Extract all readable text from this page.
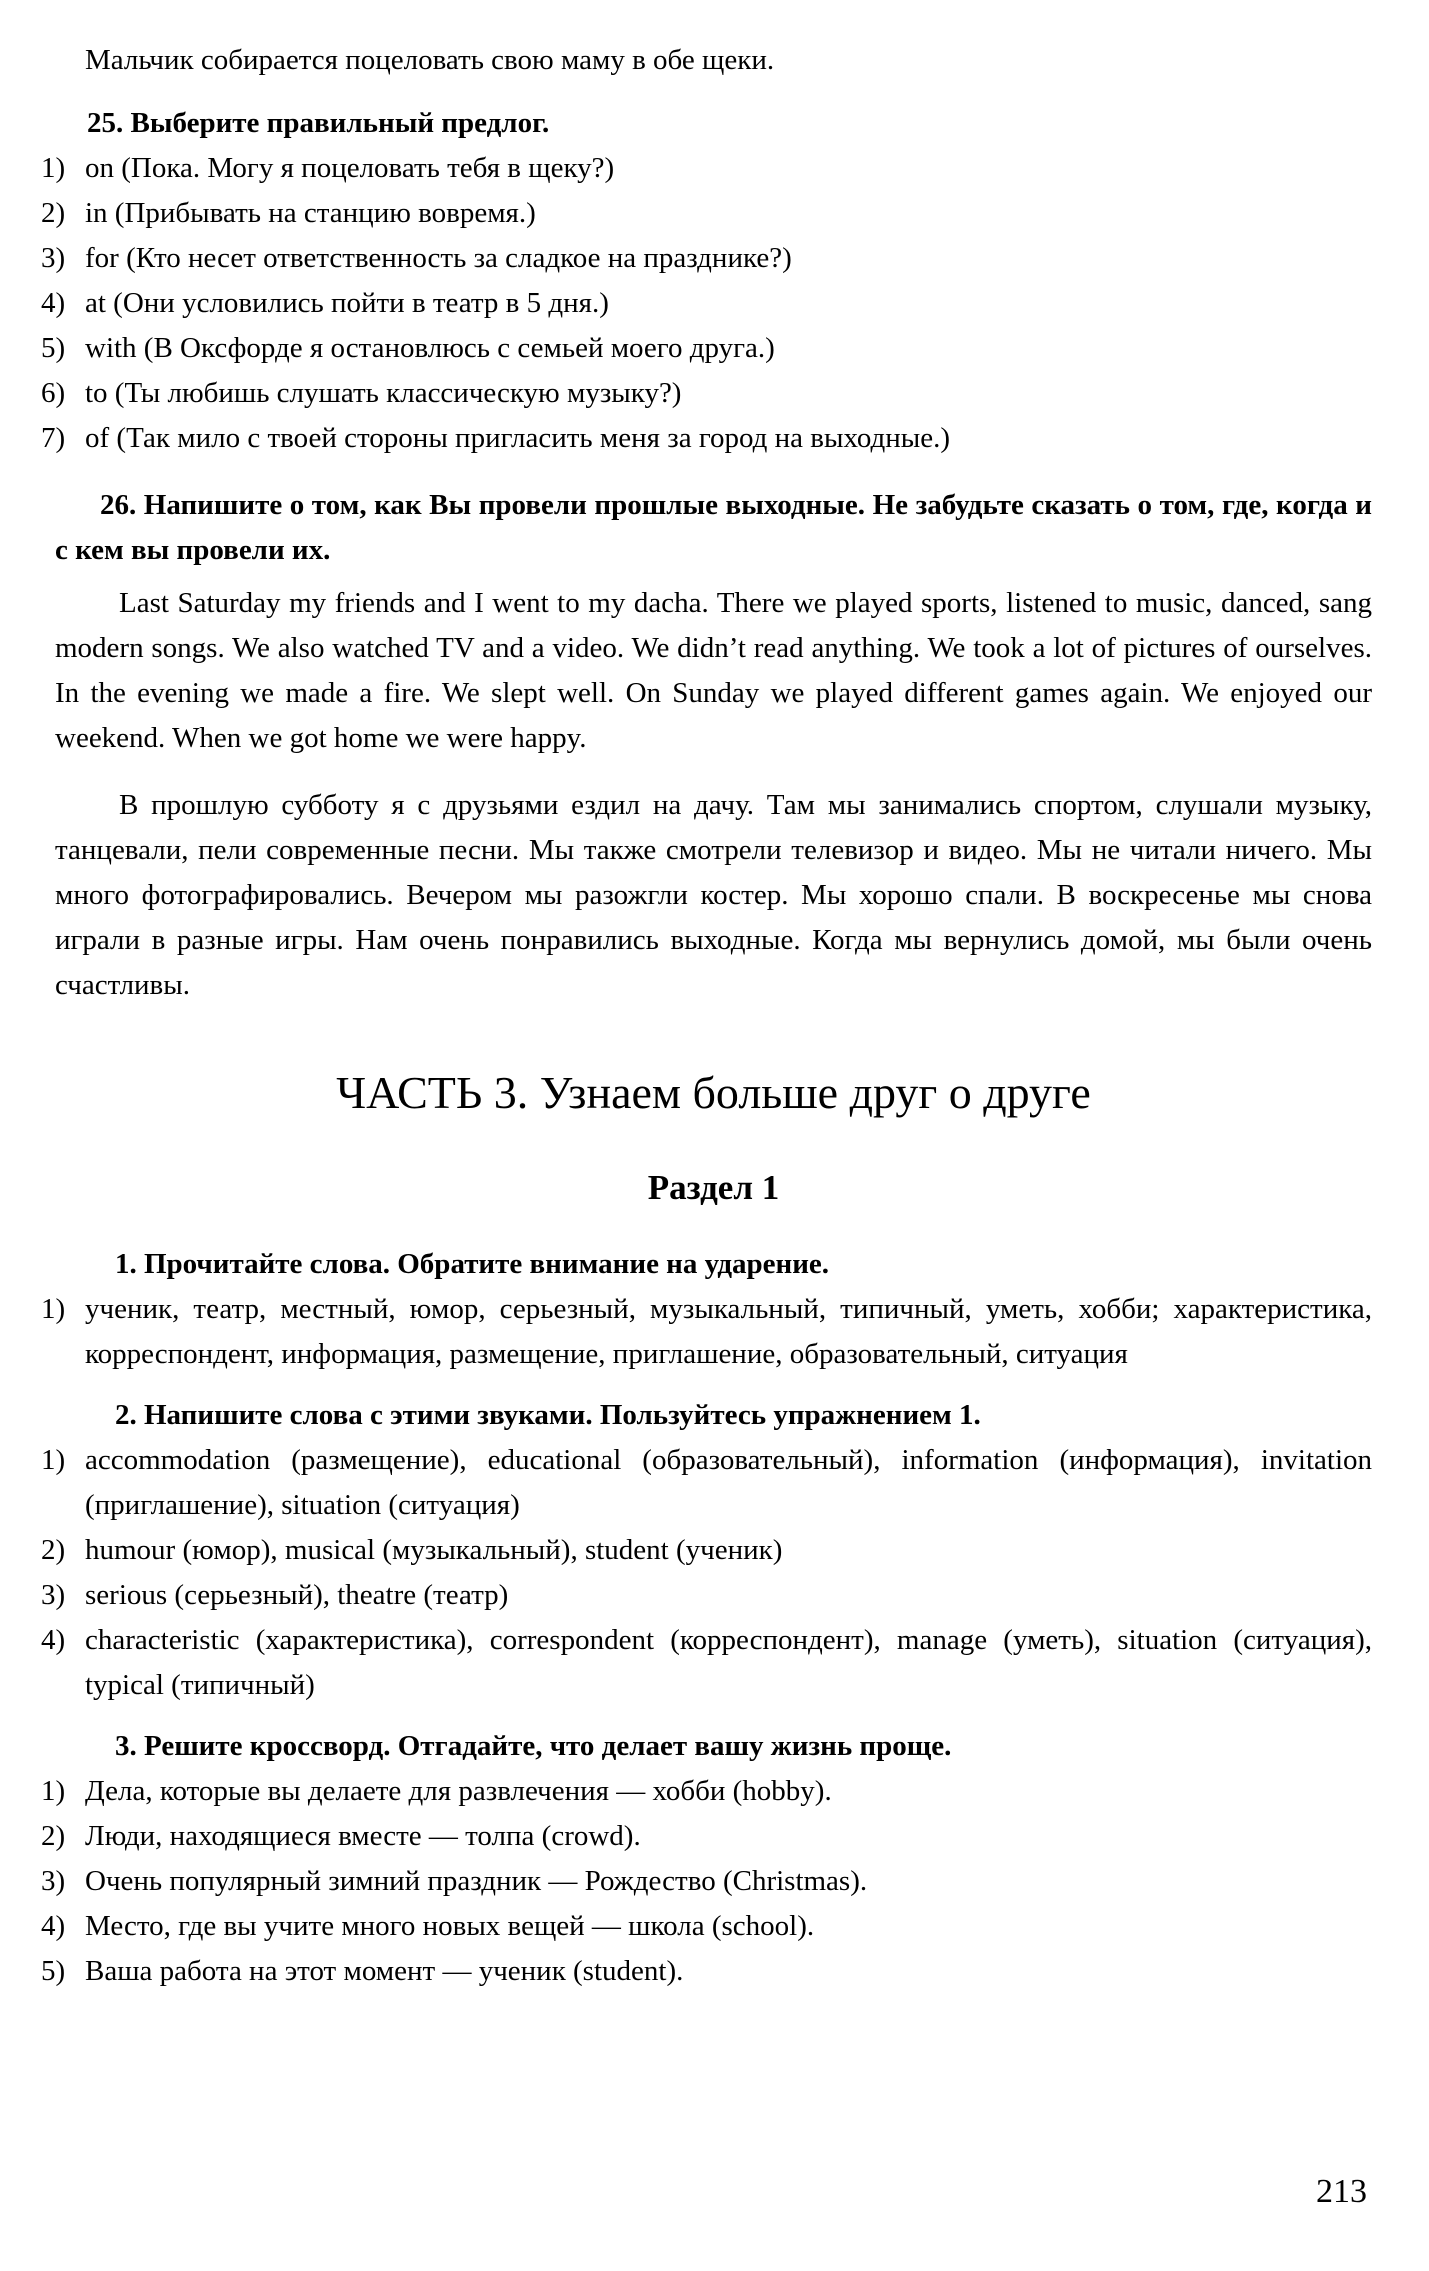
Мальчик собирается поцеловать свою маму в обе щеки.
25. Выберите правильный предлог.
1) on (Пока. Могу я поцеловать тебя в щеку?)
2) in (Прибывать на станцию вовремя.)
3) for (Кто несет ответственность за сладкое на празднике?)
4) at (Они условились пойти в театр в 5 дня.)
5) with (В Оксфорде я остановлюсь с семьей моего друга.)
6) to (Ты любишь слушать классическую музыку?)
7) of (Так мило с твоей стороны пригласить меня за город на выходные.)
26. Напишите о том, как Вы провели прошлые выходные. Не забудьте сказать о том, где, когда и с кем вы провели их.
Last Saturday my friends and I went to my dacha. There we played sports, listened to music, danced, sang modern songs. We also watched TV and a video. We didn’t read anything. We took a lot of pictures of ourselves. In the evening we made a fire. We slept well. On Sunday we played different games again. We enjoyed our weekend. When we got home we were happy.
В прошлую субботу я с друзьями ездил на дачу. Там мы занимались спортом, слушали музыку, танцевали, пели современные песни. Мы также смотрели телевизор и видео. Мы не читали ничего. Мы много фотографировались. Вечером мы разожгли костер. Мы хорошо спали. В воскресенье мы снова играли в разные игры. Нам очень понравились выходные. Когда мы вернулись домой, мы были очень счастливы.
ЧАСТЬ 3. Узнаем больше друг о друге
Раздел 1
1. Прочитайте слова. Обратите внимание на ударение.
1) ученик, театр, местный, юмор, серьезный, музыкальный, типичный, уметь, хобби; характеристика, корреспондент, информация, размещение, приглашение, образовательный, ситуация
2. Напишите слова с этими звуками. Пользуйтесь упражнением 1.
1) accommodation (размещение), educational (образовательный), information (информация), invitation (приглашение), situation (ситуация)
2) humour (юмор), musical (музыкальный), student (ученик)
3) serious (серьезный), theatre (театр)
4) characteristic (характеристика), correspondent (корреспондент), manage (уметь), situation (ситуация), typical (типичный)
3. Решите кроссворд. Отгадайте, что делает вашу жизнь проще.
1) Дела, которые вы делаете для развлечения — хобби (hobby).
2) Люди, находящиеся вместе — толпа (crowd).
3) Очень популярный зимний праздник — Рождество (Christmas).
4) Место, где вы учите много новых вещей — школа (school).
5) Ваша работа на этот момент — ученик (student).
213
